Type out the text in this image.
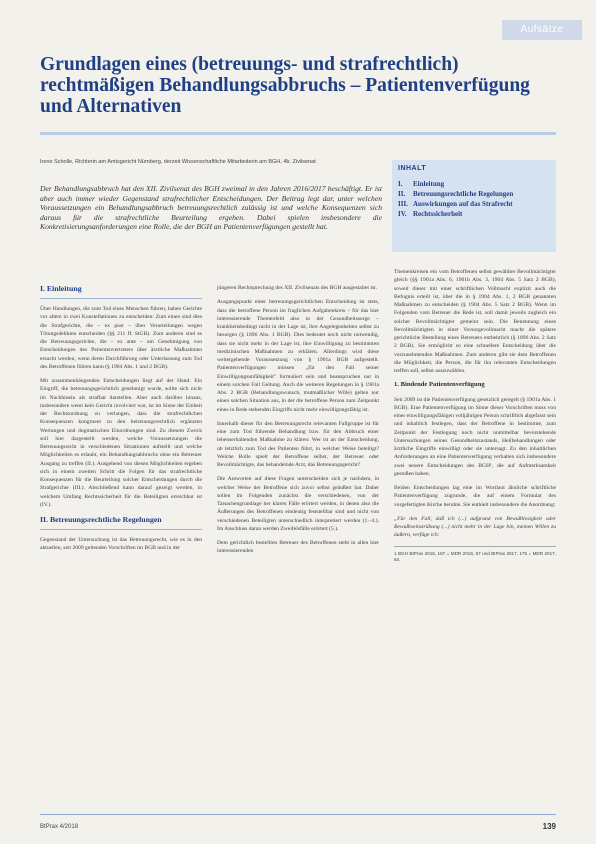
Aufsätze
Grundlagen eines (betreuungs- und strafrechtlich) rechtmäßigen Behandlungsabbruchs – Patientenverfügung und Alternativen
Irene Scholle, Richterin am Amtsgericht Nürnberg, derzeit Wissenschaftliche Mitarbeiterin am BGH, 4b. Zivilsenat
Der Behandlungsabbruch hat den XII. Zivilsenat des BGH zweimal in den Jahren 2016/2017 beschäftigt. Er ist aber auch immer wieder Gegenstand strafrechtlicher Entscheidungen. Der Beitrag legt dar, unter welchen Voraussetzungen ein Behandlungsabbruch betreuungsrechtlich zulässig ist und welche Konsequenzen sich daraus für die strafrechtliche Beurteilung ergeben. Dabei spielen insbesondere die Konkretisierungsanforderungen eine Rolle, die der BGH an Patientenverfügungen gestellt hat.
INHALT
I.	Einleitung
II.	Betreuungsrechtliche Regelungen
III. Auswirkungen auf das Strafrecht
IV. Rechtssicherheit
I. Einleitung

Über Handlungen, die zum Tod eines Menschen führen, haben Gerichte vor allem in zwei Konstellationen zu entscheiden: Zum einen sind dies die Strafgerichte, die – ex post – über Verurteilungen wegen Tötungsdelikten entscheiden (§§ 211 ff. StGB). Zum anderen sind es die Betreuungsgerichte, die – ex ante – um Genehmigung von Entscheidungen des Patientenvertreters über ärztliche Maßnahmen ersucht werden, wenn deren Durchführung oder Unterlassung zum Tod des Betroffenen führen kann (§ 1904 Abs. 1 und 2 BGB).

Mit zusammenhängenden Entscheidungen liegt auf der Hand: Ein Eingriff, die betreuungsgerichtlich genehmigt wurde, sollte sich nicht im Nachhinein als strafbar darstellen. Aber auch darüber hinaus, insbesondere wenn kein Gericht involviert war, ist im Sinne der Einheit der Rechtsordnung zu verlangen, dass die strafrechtlichen Konsequenzen kongruent zu den betreuungsrechtlich ergänzten Wertungen und dogmatischen Einordnungen sind. Zu diesem Zweck soll hier dargestellt werden, welche Voraussetzungen die Betreuungsrecht in verschiedenen Situationen aufstellt und welche Möglichkeiten es erlaubt, ein Behandlungsabbruchs ohne ein Betreuter Ausgang zu treffen (II.). Ausgehend von diesen Möglichkeiten ergeben sich in einem zweiten Schritt die Folgen für das strafrechtliche Konsequenzen für die Beurteilung solcher Entscheidungen durch die Strafgerichte (III.). Abschließend kann darauf gezeigt werden, in welchem Umfang Rechtssicherheit für die Beteiligten erreichbar ist (IV.).

II. Betreuungsrechtliche Regelungen

Gegenstand der Untersuchung ist das Betreuungsrecht, wie es in den aktuellen, seit 2009 geltenden Vorschriften im BGB und in der

jüngeren Rechtsprechung des XII. Zivilsenats des BGH ausgestaltet ist.

Ausgangspunkt einer betreuungsgerichtlichen Entscheidung ist stets, dass die betroffene Person im fraglichen Aufgabenkreis – für das hier interessierende Themenfeld also in der Gesundheitssorge – krankheitsbedingt nicht in der Lage ist, ihre Angelegenheiten selbst zu besorgen (§ 1896 Abs. 1 BGB). Dies bedeutet noch nicht notwendig, dass sie nicht mehr in der Lage ist, ihre Einwilligung zu bestimmten medizinischen Maßnahmen zu erklären. Allerdings wird diese weitergehende Voraussetzung von § 1901a BGB aufgestellt. Patientenverfügungen müssen „für den Fall seiner Einwilligungsunfähigkeit" formuliert sein und beanspruchen nur in einem solchen Fall Geltung. Auch die weiteren Regelungen in § 1901a Abs. 2 BGB (Behandlungswunsch, mutmaßlicher Wille) gelten nur einen solchen Situation aus, in der die betroffene Person zum Zeitpunkt eines in Rede stehenden Eingriffs nicht mehr einwilligungsfähig ist.

Innerhalb dieser für den Betreuungsrecht relevanten Fallgruppe ist für eine zum Tod führende Behandlung bzw. für den Abbruch einer lebenserhaltenden Maßnahme zu klären: Wer ist an der Entscheidung, ob letztlich zum Tod des Patienten führt, in welcher Weise beteiligt? Welche Rolle spielt der Betroffene selbst, der Betreuer oder Bevollmächtigte, das behandelnde Arzt, das Betreuungsgericht?

Die Antworten auf diese Fragen unterscheiden sich je nachdem, in welcher Weise der Betroffene sich zuvor selbst geäußert hat. Daher sollen im Folgenden zunächst die verschiedenen, von der Tatsachengrundlage her klaren Fälle erörtert werden, in denen also die Äußerungen des Betroffenen eindeutig feststellbar sind und nicht von verschiedenen Beteiligten unterschiedlich interpretiert werden (1.–4.). Im Anschluss daran werden Zweifelsfälle erörtert (5.).

Dem gerichtlich bestellten Betreuer des Betroffenen steht in allen hier interessierenden

Themenkreisen ein vom Betroffenen selbst gewählter Bevollmächtigter gleich (§§ 1901a Abs. 6, 1901b Abs. 3, 1904 Abs. 5 Satz 2 BGB), soweit dieser mit einer schriftlichen Vollmacht explizit auch die Befugnis erteilt ist, über die in § 1904 Abs. 1, 2 BGB genannten Maßnahmen zu entscheiden (§ 1904 Abs. 5 Satz 2 BGB). Wenn im Folgenden vom Betreuer die Rede ist, soll damit jeweils zugleich ein solcher Bevollmächtigter gemeint sein. Die Benennung eines Bevollmächtigten in einer Vorsorgevollmacht macht die spätere gerichtliche Bestellung eines Betreuers entbehrlich (§ 1896 Abs. 2 Satz 2 BGB). Sie ermöglicht so eine schnellere Entscheidung über die vorzunehmenden Maßnahmen. Zum anderen gibt sie dem Betroffenen die Möglichkeit, die Person, die für ihn relevanten Entscheidungen treffen soll, selbst auszuwählen.

1. Bindende Patientenverfügung

Seit 2009 ist die Patientenverfügung gesetzlich geregelt (§ 1901a Abs. 1 BGB). Eine Patientenverfügung im Sinne dieser Vorschriften muss von einer einwilligungsfähigen volljährigen Person schriftlich abgefasst sein und inhaltlich festlegen, dass der Betroffene in bestimmte, zum Zeitpunkt der Festlegung noch nicht unmittelbar bevorstehende Untersuchungen seines Gesundheitszustands, Heilbehandlungen oder ärztliche Eingriffe einwilligt oder sie untersagt. Zu den inhaltlichen Anforderungen an eine Patientenverfügung verhalten sich insbesondere zwei neuere Entscheidungen des BGH¹, die auf Aufmerksamkeit gestoßen haben.

Beiden Entscheidungen lag eine im Wortlaut ähnliche schriftliche Patientenverfügung zugrunde, die auf einem Formular des vorgefertigten Kirche beruhte. Sie enthielt insbesondere die Anordnung:

„Für den Fall, daß ich (...) aufgrund von Bewußtlosigkeit oder Bewußtseinstrübung (...) nicht mehr in der Lage bin, meinen Willen zu äußern, verfüge ich:

1 BGH BtPrax 2016, 187 = MDR 2016, 67 und BtPrax 2017, 175 = MDR 2017, 64.
BtPrax 4/2018	139
